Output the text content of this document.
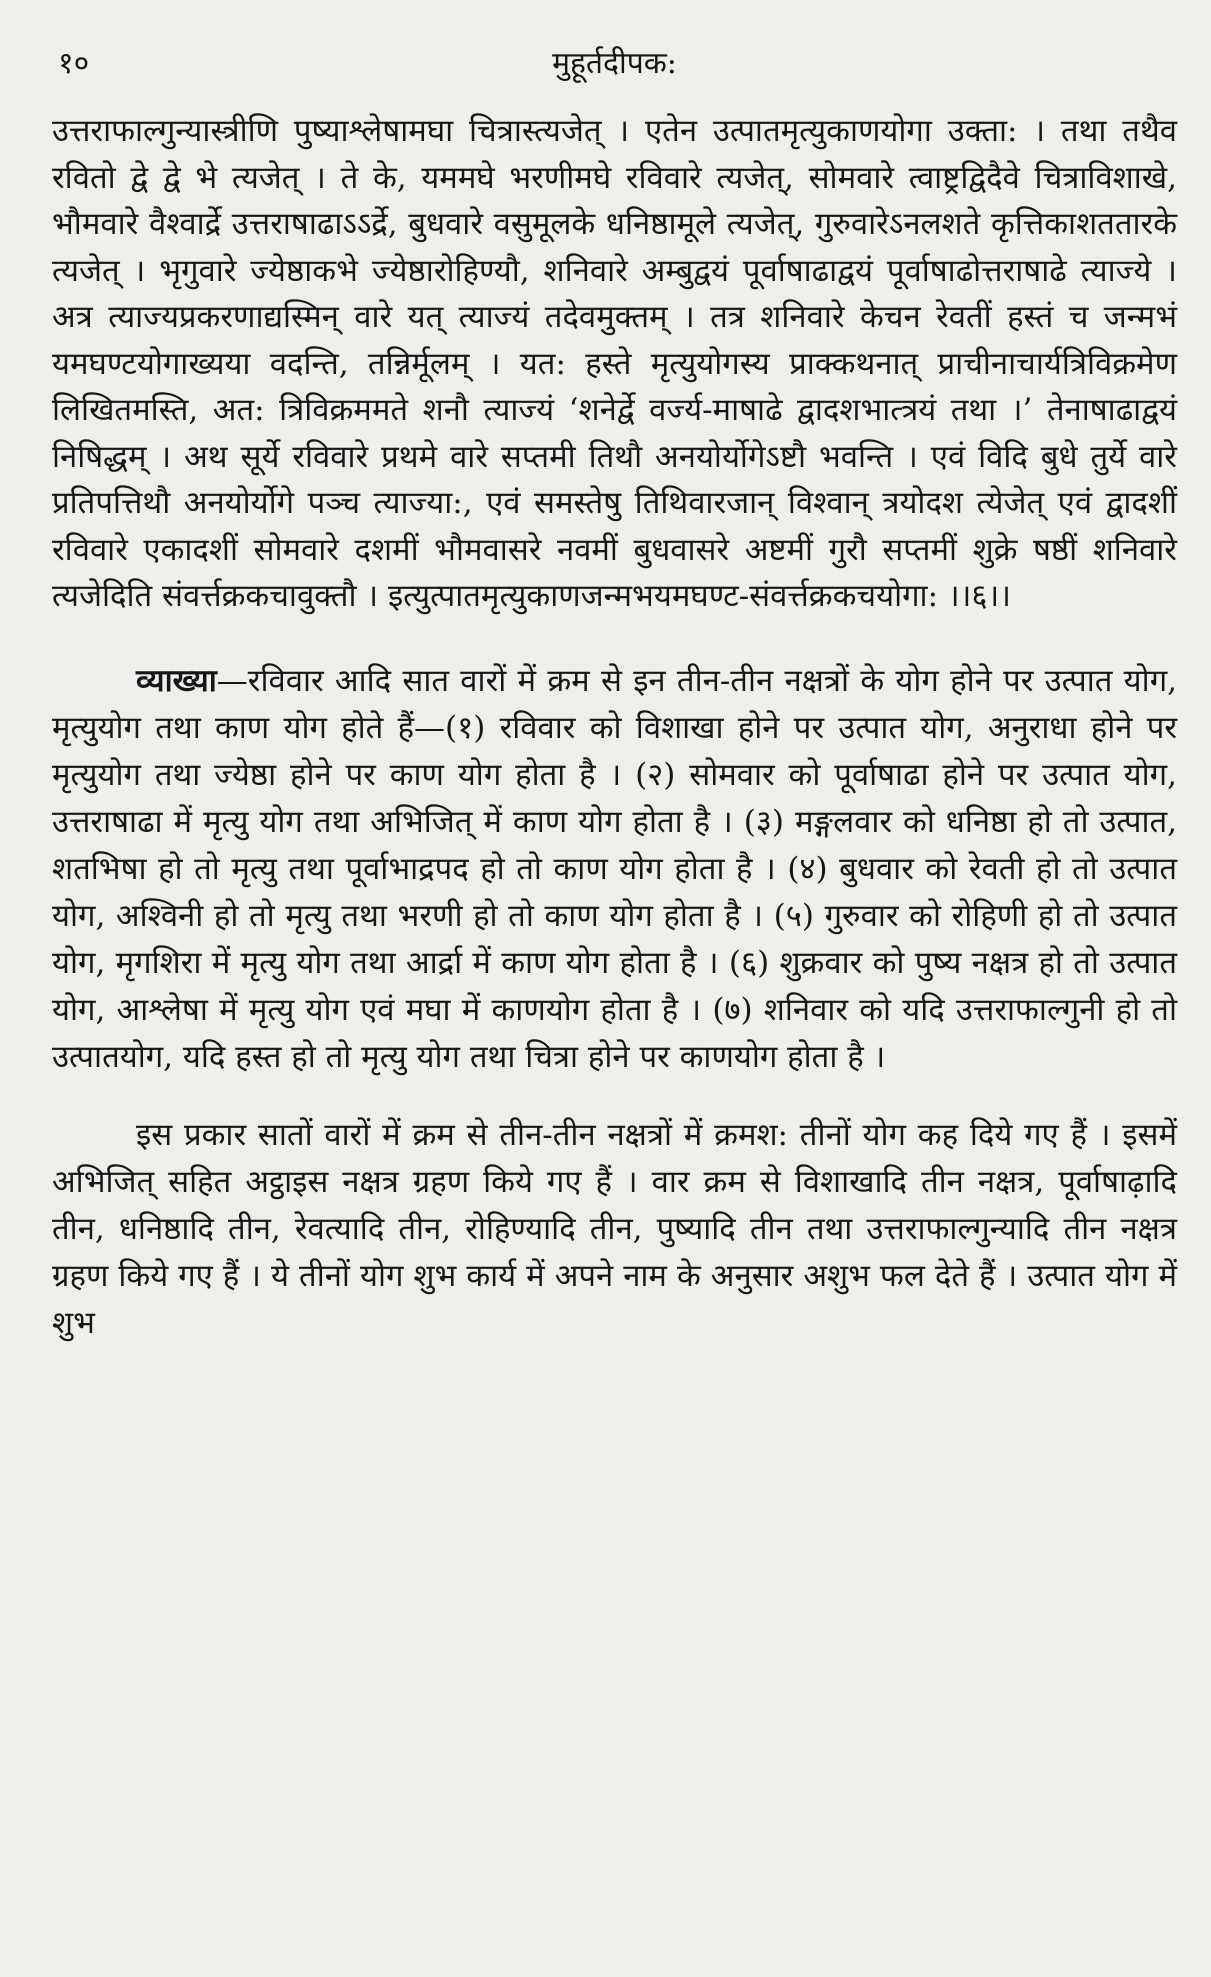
१०	मुहूर्तदीपक:

उत्तराफाल्गुन्यास्त्रीणि पुष्याश्लेषामघा चित्रास्त्यजेत् । एतेन उत्पातमृत्युकाणयोगा उक्ता: । तथा तथैव रवितो द्वे द्वे भे त्यजेत् । ते के, यममघे भरणीमघे रविवारे त्यजेत्, सोमवारे त्वाष्ट्रद्विदैवे चित्राविशाखे, भौमवारे वैश्वार्द्रे उत्तराषाढाऽऽर्द्रे, बुधवारे वसुमूलके धनिष्ठामूले त्यजेत्, गुरुवारेऽनलशते कृत्तिकाशततारके त्यजेत् । भृगुवारे ज्येष्ठाकभे ज्येष्ठारोहिण्यौ, शनिवारे अम्बुद्वयं पूर्वाषाढाद्वयं पूर्वाषाढोत्तराषाढे त्याज्ये । अत्र त्याज्यप्रकरणाद्यस्मिन् वारे यत् त्याज्यं तदेवमुक्तम् । तत्र शनिवारे केचन रेवतीं हस्तं च जन्मभं यमघण्टयोगाख्यया वदन्ति, तन्निर्मूलम् । यत: हस्ते मृत्युयोगस्य प्राक्कथनात् प्राचीनाचार्यत्रिविक्रमेण लिखितमस्ति, अत: त्रिविक्रममते शनौ त्याज्यं ‘शनेर्द्वे वर्ज्य-माषाढे द्वादशभात्त्रयं तथा ।’ तेनाषाढाद्वयं निषिद्धम् । अथ सूर्ये रविवारे प्रथमे वारे सप्तमी तिथौ अनयोर्योगेऽष्टौ भवन्ति । एवं विदि बुधे तुर्ये वारे प्रतिपत्तिथौ अनयोर्योगे पञ्च त्याज्या:, एवं समस्तेषु तिथिवारजान् विश्वान् त्रयोदश त्येजेत् एवं द्वादशीं रविवारे एकादशीं सोमवारे दशमीं भौमवासरे नवमीं बुधवासरे अष्टमीं गुरौ सप्तमीं शुक्रे षष्ठीं शनिवारे त्यजेदिति संवर्त्तक्रकचावुक्तौ । इत्युत्पातमृत्युकाणजन्मभयमघण्ट-संवर्त्तक्रकचयोगा: ।।६।।

व्याख्या—रविवार आदि सात वारों में क्रम से इन तीन-तीन नक्षत्रों के योग होने पर उत्पात योग, मृत्युयोग तथा काण योग होते हैं—(१) रविवार को विशाखा होने पर उत्पात योग, अनुराधा होने पर मृत्युयोग तथा ज्येष्ठा होने पर काण योग होता है । (२) सोमवार को पूर्वाषाढा होने पर उत्पात योग, उत्तराषाढा में मृत्यु योग तथा अभिजित् में काण योग होता है । (३) मङ्गलवार को धनिष्ठा हो तो उत्पात, शतभिषा हो तो मृत्यु तथा पूर्वाभाद्रपद हो तो काण योग होता है । (४) बुधवार को रेवती हो तो उत्पात योग, अश्विनी हो तो मृत्यु तथा भरणी हो तो काण योग होता है । (५) गुरुवार को रोहिणी हो तो उत्पात योग, मृगशिरा में मृत्यु योग तथा आर्द्रा में काण योग होता है । (६) शुक्रवार को पुष्य नक्षत्र हो तो उत्पात योग, आश्लेषा में मृत्यु योग एवं मघा में काणयोग होता है । (७) शनिवार को यदि उत्तराफाल्गुनी हो तो उत्पातयोग, यदि हस्त हो तो मृत्यु योग तथा चित्रा होने पर काणयोग होता है ।

इस प्रकार सातों वारों में क्रम से तीन-तीन नक्षत्रों में क्रमश: तीनों योग कह दिये गए हैं । इसमें अभिजित् सहित अट्ठाइस नक्षत्र ग्रहण किये गए हैं । वार क्रम से विशाखादि तीन नक्षत्र, पूर्वाषाढ़ादि तीन, धनिष्ठादि तीन, रेवत्यादि तीन, रोहिण्यादि तीन, पुष्यादि तीन तथा उत्तराफाल्गुन्यादि तीन नक्षत्र ग्रहण किये गए हैं । ये तीनों योग शुभ कार्य में अपने नाम के अनुसार अशुभ फल देते हैं । उत्पात योग में शुभ
